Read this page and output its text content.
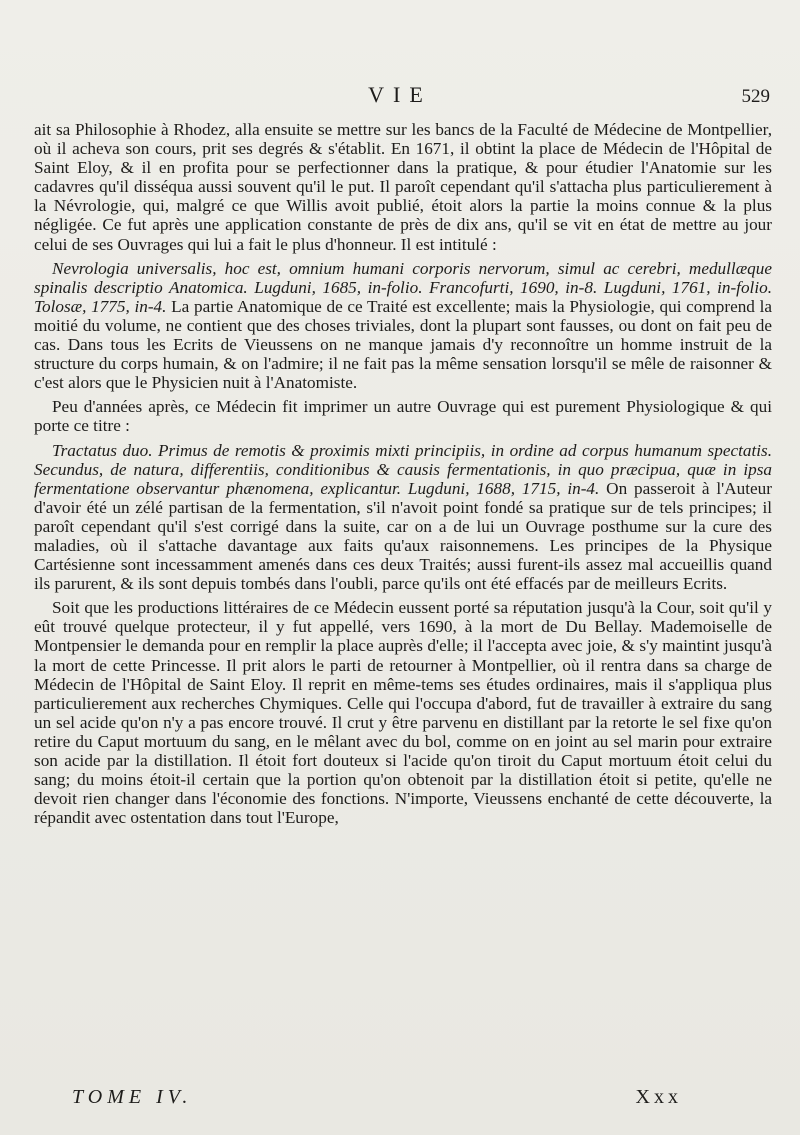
VIE	529

ait sa Philosophie à Rhodez, alla ensuite se mettre sur les bancs de la Faculté de Médecine de Montpellier, où il acheva son cours, prit ses degrés & s'établit. En 1671, il obtint la place de Médecin de l'Hôpital de Saint Eloy, & il en profita pour se perfectionner dans la pratique, & pour étudier l'Anatomie sur les cadavres qu'il disséqua aussi souvent qu'il le put. Il paroît cependant qu'il s'attacha plus particulierement à la Névrologie, qui, malgré ce que Willis avoit publié, étoit alors la partie la moins connue & la plus négligée. Ce fut après une application constante de près de dix ans, qu'il se vit en état de mettre au jour celui de ses Ouvrages qui lui a fait le plus d'honneur. Il est intitulé :

Nevrologia universalis, hoc est, omnium humani corporis nervorum, simul ac cerebri, medullæque spinalis descriptio Anatomica. Lugduni, 1685, in-folio. Francofurti, 1690, in-8. Lugduni, 1761, in-folio. Tolosæ, 1775, in-4. La partie Anatomique de ce Traité est excellente; mais la Physiologie, qui comprend la moitié du volume, ne contient que des choses triviales, dont la plupart sont fausses, ou dont on fait peu de cas. Dans tous les Ecrits de Vieussens on ne manque jamais d'y reconnoître un homme instruit de la structure du corps humain, & on l'admire; il ne fait pas la même sensation lorsqu'il se mêle de raisonner & c'est alors que le Physicien nuit à l'Anatomiste.

Peu d'années après, ce Médecin fit imprimer un autre Ouvrage qui est purement Physiologique & qui porte ce titre :

Tractatus duo. Primus de remotis & proximis mixti principiis, in ordine ad corpus humanum spectatis. Secundus, de natura, differentiis, conditionibus & causis fermentationis, in quo præcipua, quæ in ipsa fermentatione observantur phænomena, explicantur. Lugduni, 1688, 1715, in-4. On passeroit à l'Auteur d'avoir été un zélé partisan de la fermentation, s'il n'avoit point fondé sa pratique sur de tels principes; il paroît cependant qu'il s'est corrigé dans la suite, car on a de lui un Ouvrage posthume sur la cure des maladies, où il s'attache davantage aux faits qu'aux raisonnemens. Les principes de la Physique Cartésienne sont incessamment amenés dans ces deux Traités; aussi furent-ils assez mal accueillis quand ils parurent, & ils sont depuis tombés dans l'oubli, parce qu'ils ont été effacés par de meilleurs Ecrits.

Soit que les productions littéraires de ce Médecin eussent porté sa réputation jusqu'à la Cour, soit qu'il y eût trouvé quelque protecteur, il y fut appellé, vers 1690, à la mort de Du Bellay. Mademoiselle de Montpensier le demanda pour en remplir la place auprès d'elle; il l'accepta avec joie, & s'y maintint jusqu'à la mort de cette Princesse. Il prit alors le parti de retourner à Montpellier, où il rentra dans sa charge de Médecin de l'Hôpital de Saint Eloy. Il reprit en même-tems ses études ordinaires, mais il s'appliqua plus particulierement aux recherches Chymiques. Celle qui l'occupa d'abord, fut de travailler à extraire du sang un sel acide qu'on n'y a pas encore trouvé. Il crut y être parvenu en distillant par la retorte le sel fixe qu'on retire du Caput mortuum du sang, en le mêlant avec du bol, comme on en joint au sel marin pour extraire son acide par la distillation. Il étoit fort douteux si l'acide qu'on tiroit du Caput mortuum étoit celui du sang; du moins étoit-il certain que la portion qu'on obtenoit par la distillation étoit si petite, qu'elle ne devoit rien changer dans l'économie des fonctions. N'importe, Vieussens enchanté de cette découverte, la répandit avec ostentation dans tout l'Europe,

TOME IV.	Xxx
